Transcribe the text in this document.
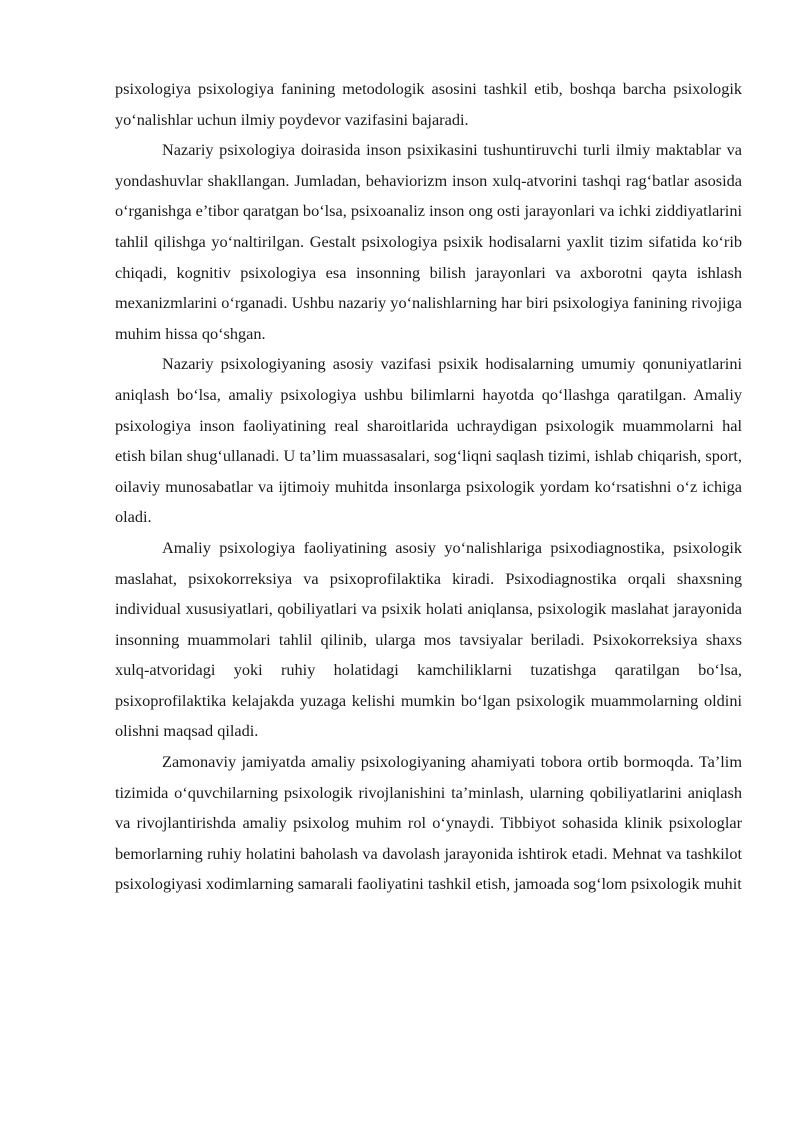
psixologiya psixologiya fanining metodologik asosini tashkil etib, boshqa barcha psixologik yo‘nalishlar uchun ilmiy poydevor vazifasini bajaradi.

Nazariy psixologiya doirasida inson psixikasini tushuntiruvchi turli ilmiy maktablar va yondashuvlar shakllangan. Jumladan, behaviorizm inson xulq-atvorini tashqi rag‘batlar asosida o‘rganishga e’tibor qaratgan bo‘lsa, psixoanaliz inson ong osti jarayonlari va ichki ziddiyatlarini tahlil qilishga yo‘naltirilgan. Gestalt psixologiya psixik hodisalarni yaxlit tizim sifatida ko‘rib chiqadi, kognitiv psixologiya esa insonning bilish jarayonlari va axborotni qayta ishlash mexanizmlarini o‘rganadi. Ushbu nazariy yo‘nalishlarning har biri psixologiya fanining rivojiga muhim hissa qo‘shgan.

Nazariy psixologiyaning asosiy vazifasi psixik hodisalarning umumiy qonuniyatlarini aniqlash bo‘lsa, amaliy psixologiya ushbu bilimlarni hayotda qo‘llashga qaratilgan. Amaliy psixologiya inson faoliyatining real sharoitlarida uchraydigan psixologik muammolarni hal etish bilan shug‘ullanadi. U ta’lim muassasalari, sog‘liqni saqlash tizimi, ishlab chiqarish, sport, oilaviy munosabatlar va ijtimoiy muhitda insonlarga psixologik yordam ko‘rsatishni o‘z ichiga oladi.

Amaliy psixologiya faoliyatining asosiy yo‘nalishlariga psixodiagnostika, psixologik maslahat, psixokorreksiya va psixoprofilaktika kiradi. Psixodiagnostika orqali shaxsning individual xususiyatlari, qobiliyatlari va psixik holati aniqlansa, psixologik maslahat jarayonida insonning muammolari tahlil qilinib, ularga mos tavsiyalar beriladi. Psixokorreksiya shaxs xulq-atvoridagi yoki ruhiy holatidagi kamchiliklarni tuzatishga qaratilgan bo‘lsa, psixoprofilaktika kelajakda yuzaga kelishi mumkin bo‘lgan psixologik muammolarning oldini olishni maqsad qiladi.

Zamonaviy jamiyatda amaliy psixologiyaning ahamiyati tobora ortib bormoqda. Ta’lim tizimida o‘quvchilarning psixologik rivojlanishini ta’minlash, ularning qobiliyatlarini aniqlash va rivojlantirishda amaliy psixolog muhim rol o‘ynaydi. Tibbiyot sohasida klinik psixologlar bemorlarning ruhiy holatini baholash va davolash jarayonida ishtirok etadi. Mehnat va tashkilot psixologiyasi xodimlarning samarali faoliyatini tashkil etish, jamoada sog‘lom psixologik muhit
